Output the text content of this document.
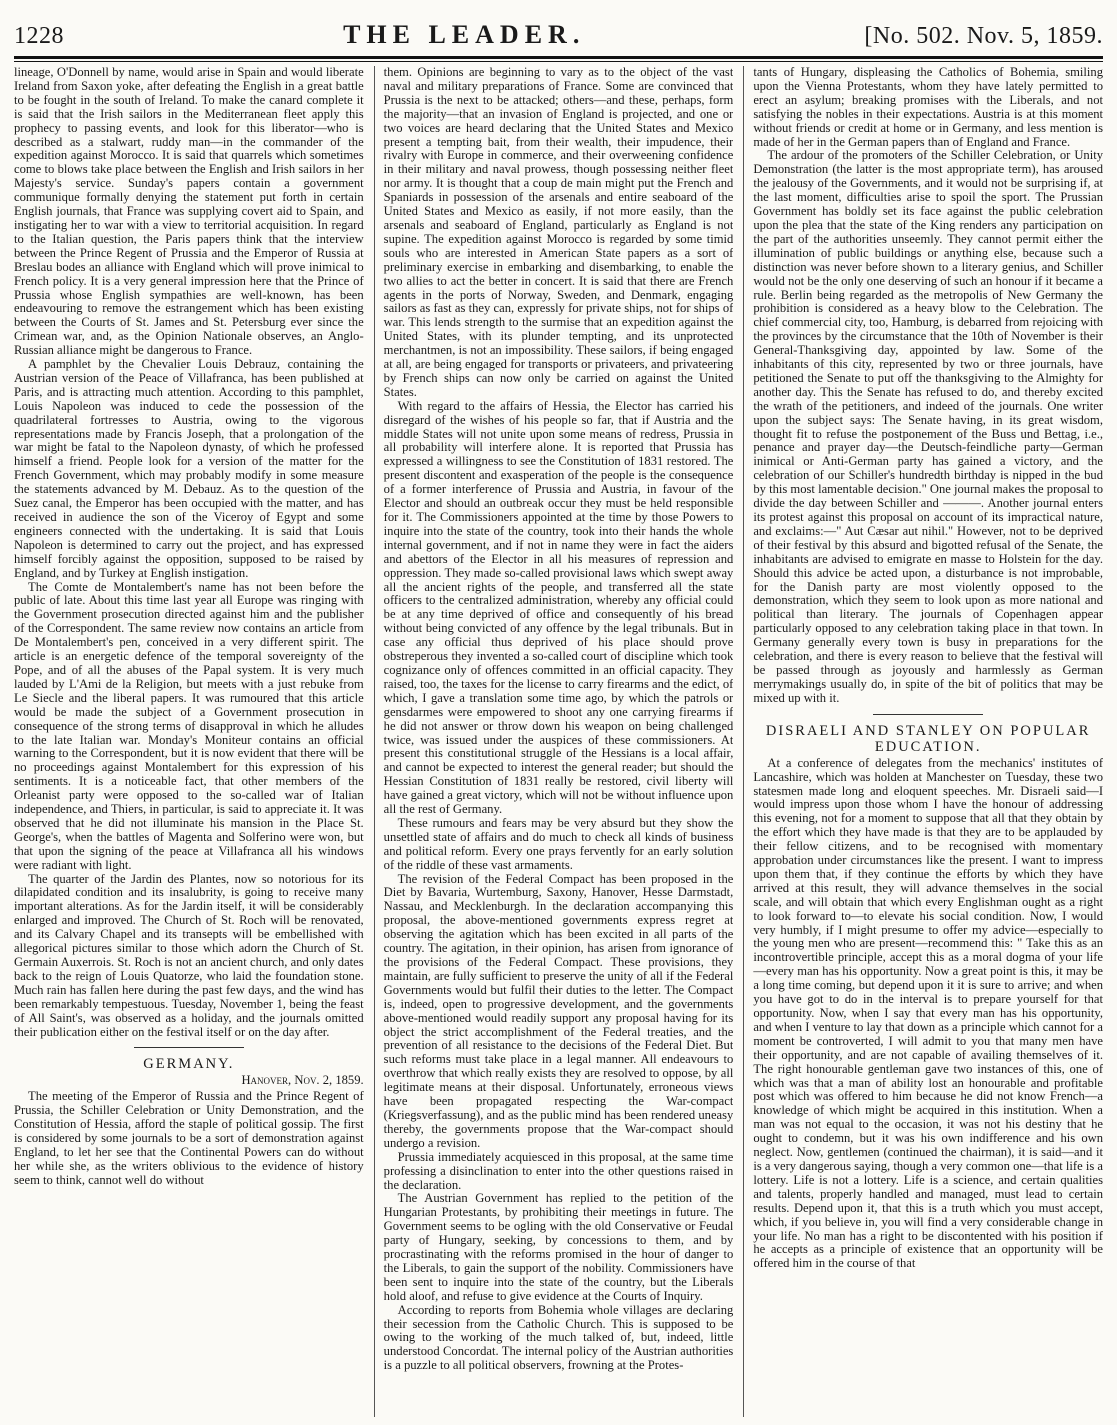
1228	THE LEADER.	[No. 502. Nov. 5, 1859.

lineage, O'Donnell by name, would arise in Spain and would liberate Ireland from Saxon yoke, after defeating the English in a great battle to be fought in the south of Ireland. To make the canard complete it is said that the Irish sailors in the Mediterranean fleet apply this prophecy to passing events, and look for this liberator—who is described as a stalwart, ruddy man—in the commander of the expedition against Morocco. It is said that quarrels which sometimes come to blows take place between the English and Irish sailors in her Majesty's service. Sunday's papers contain a government communique formally denying the statement put forth in certain English journals, that France was supplying covert aid to Spain, and instigating her to war with a view to territorial acquisition. In regard to the Italian question, the Paris papers think that the interview between the Prince Regent of Prussia and the Emperor of Russia at Breslau bodes an alliance with England which will prove inimical to French policy. It is a very general impression here that the Prince of Prussia whose English sympathies are well-known, has been endeavouring to remove the estrangement which has been existing between the Courts of St. James and St. Petersburg ever since the Crimean war, and, as the Opinion Nationale observes, an Anglo-Russian alliance might be dangerous to France.

A pamphlet by the Chevalier Louis Debrauz, containing the Austrian version of the Peace of Villafranca, has been published at Paris, and is attracting much attention. According to this pamphlet, Louis Napoleon was induced to cede the possession of the quadrilateral fortresses to Austria, owing to the vigorous representations made by Francis Joseph, that a prolongation of the war might be fatal to the Napoleon dynasty, of which he professed himself a friend. People look for a version of the matter for the French Government, which may probably modify in some measure the statements advanced by M. Debauz. As to the question of the Suez canal, the Emperor has been occupied with the matter, and has received in audience the son of the Viceroy of Egypt and some engineers connected with the undertaking. It is said that Louis Napoleon is determined to carry out the project, and has expressed himself forcibly against the opposition, supposed to be raised by England, and by Turkey at English instigation.

The Comte de Montalembert's name has not been before the public of late. About this time last year all Europe was ringing with the Government prosecution directed against him and the publisher of the Correspondent. The same review now contains an article from De Montalembert's pen, conceived in a very different spirit. The article is an energetic defence of the temporal sovereignty of the Pope, and of all the abuses of the Papal system. It is very much lauded by L'Ami de la Religion, but meets with a just rebuke from Le Siecle and the liberal papers. It was rumoured that this article would be made the subject of a Government prosecution in consequence of the strong terms of disapproval in which he alludes to the late Italian war. Monday's Moniteur contains an official warning to the Correspondent, but it is now evident that there will be no proceedings against Montalembert for this expression of his sentiments. It is a noticeable fact, that other members of the Orleanist party were opposed to the so-called war of Italian independence, and Thiers, in particular, is said to appreciate it. It was observed that he did not illuminate his mansion in the Place St. George's, when the battles of Magenta and Solferino were won, but that upon the signing of the peace at Villafranca all his windows were radiant with light.

The quarter of the Jardin des Plantes, now so notorious for its dilapidated condition and its insalubrity, is going to receive many important alterations. As for the Jardin itself, it will be considerably enlarged and improved. The Church of St. Roch will be renovated, and its Calvary Chapel and its transepts will be embellished with allegorical pictures similar to those which adorn the Church of St. Germain Auxerrois. St. Roch is not an ancient church, and only dates back to the reign of Louis Quatorze, who laid the foundation stone. Much rain has fallen here during the past few days, and the wind has been remarkably tempestuous. Tuesday, November 1, being the feast of All Saint's, was observed as a holiday, and the journals omitted their publication either on the festival itself or on the day after.

GERMANY.
Hanover, Nov. 2, 1859.

The meeting of the Emperor of Russia and the Prince Regent of Prussia, the Schiller Celebration or Unity Demonstration, and the Constitution of Hessia, afford the staple of political gossip. The first is considered by some journals to be a sort of demonstration against England, to let her see that the Continental Powers can do without her while she, as the writers oblivious to the evidence of history seem to think, cannot well do without

them. Opinions are beginning to vary as to the object of the vast naval and military preparations of France. Some are convinced that Prussia is the next to be attacked; others—and these, perhaps, form the majority—that an invasion of England is projected, and one or two voices are heard declaring that the United States and Mexico present a tempting bait, from their wealth, their impudence, their rivalry with Europe in commerce, and their overweening confidence in their military and naval prowess, though possessing neither fleet nor army. It is thought that a coup de main might put the French and Spaniards in possession of the arsenals and entire seaboard of the United States and Mexico as easily, if not more easily, than the arsenals and seaboard of England, particularly as England is not supine. The expedition against Morocco is regarded by some timid souls who are interested in American State papers as a sort of preliminary exercise in embarking and disembarking, to enable the two allies to act the better in concert. It is said that there are French agents in the ports of Norway, Sweden, and Denmark, engaging sailors as fast as they can, expressly for private ships, not for ships of war. This lends strength to the surmise that an expedition against the United States, with its plunder tempting, and its unprotected merchantmen, is not an impossibility. These sailors, if being engaged at all, are being engaged for transports or privateers, and privateering by French ships can now only be carried on against the United States.

With regard to the affairs of Hessia, the Elector has carried his disregard of the wishes of his people so far, that if Austria and the middle States will not unite upon some means of redress, Prussia in all probability will interfere alone. It is reported that Prussia has expressed a willingness to see the Constitution of 1831 restored. The present discontent and exasperation of the people is the consequence of a former interference of Prussia and Austria, in favour of the Elector and should an outbreak occur they must be held responsible for it. The Commissioners appointed at the time by those Powers to inquire into the state of the country, took into their hands the whole internal government, and if not in name they were in fact the aiders and abettors of the Elector in all his measures of repression and oppression. They made so-called provisional laws which swept away all the ancient rights of the people, and transferred all the state officers to the centralized administration, whereby any official could be at any time deprived of office and consequently of his bread without being convicted of any offence by the legal tribunals. But in case any official thus deprived of his place should prove obstreperous they invented a so-called court of discipline which took cognizance only of offences committed in an official capacity. They raised, too, the taxes for the license to carry firearms and the edict, of which, I gave a translation some time ago, by which the patrols or gensdarmes were empowered to shoot any one carrying firearms if he did not answer or throw down his weapon on being challenged twice, was issued under the auspices of these commissioners. At present this constitutional struggle of the Hessians is a local affair, and cannot be expected to interest the general reader; but should the Hessian Constitution of 1831 really be restored, civil liberty will have gained a great victory, which will not be without influence upon all the rest of Germany.

These rumours and fears may be very absurd but they show the unsettled state of affairs and do much to check all kinds of business and political reform. Every one prays fervently for an early solution of the riddle of these vast armaments.

The revision of the Federal Compact has been proposed in the Diet by Bavaria, Wurtemburg, Saxony, Hanover, Hesse Darmstadt, Nassau, and Mecklenburgh. In the declaration accompanying this proposal, the above-mentioned governments express regret at observing the agitation which has been excited in all parts of the country. The agitation, in their opinion, has arisen from ignorance of the provisions of the Federal Compact. These provisions, they maintain, are fully sufficient to preserve the unity of all if the Federal Governments would but fulfil their duties to the letter. The Compact is, indeed, open to progressive development, and the governments above-mentioned would readily support any proposal having for its object the strict accomplishment of the Federal treaties, and the prevention of all resistance to the decisions of the Federal Diet. But such reforms must take place in a legal manner. All endeavours to overthrow that which really exists they are resolved to oppose, by all legitimate means at their disposal. Unfortunately, erroneous views have been propagated respecting the War-compact (Kriegsverfassung), and as the public mind has been rendered uneasy thereby, the governments propose that the War-compact should undergo a revision.

Prussia immediately acquiesced in this proposal, at the same time professing a disinclination to enter into the other questions raised in the declaration.

The Austrian Government has replied to the petition of the Hungarian Protestants, by prohibiting their meetings in future. The Government seems to be ogling with the old Conservative or Feudal party of Hungary, seeking, by concessions to them, and by procrastinating with the reforms promised in the hour of danger to the Liberals, to gain the support of the nobility. Commissioners have been sent to inquire into the state of the country, but the Liberals hold aloof, and refuse to give evidence at the Courts of Inquiry.

According to reports from Bohemia whole villages are declaring their secession from the Catholic Church. This is supposed to be owing to the working of the much talked of, but, indeed, little understood Concordat. The internal policy of the Austrian authorities is a puzzle to all political observers, frowning at the Protes-

tants of Hungary, displeasing the Catholics of Bohemia, smiling upon the Vienna Protestants, whom they have lately permitted to erect an asylum; breaking promises with the Liberals, and not satisfying the nobles in their expectations. Austria is at this moment without friends or credit at home or in Germany, and less mention is made of her in the German papers than of England and France.

The ardour of the promoters of the Schiller Celebration, or Unity Demonstration (the latter is the most appropriate term), has aroused the jealousy of the Governments, and it would not be surprising if, at the last moment, difficulties arise to spoil the sport. The Prussian Government has boldly set its face against the public celebration upon the plea that the state of the King renders any participation on the part of the authorities unseemly. They cannot permit either the illumination of public buildings or anything else, because such a distinction was never before shown to a literary genius, and Schiller would not be the only one deserving of such an honour if it became a rule. Berlin being regarded as the metropolis of New Germany the prohibition is considered as a heavy blow to the Celebration. The chief commercial city, too, Hamburg, is debarred from rejoicing with the provinces by the circumstance that the 10th of November is their General-Thanksgiving day, appointed by law. Some of the inhabitants of this city, represented by two or three journals, have petitioned the Senate to put off the thanksgiving to the Almighty for another day. This the Senate has refused to do, and thereby excited the wrath of the petitioners, and indeed of the journals. One writer upon the subject says: The Senate having, in its great wisdom, thought fit to refuse the postponement of the Buss und Bettag, i.e., penance and prayer day—the Deutsch-feindliche party—German inimical or Anti-German party has gained a victory, and the celebration of our Schiller's hundredth birthday is nipped in the bud by this most lamentable decision." One journal makes the proposal to divide the day between Schiller and ———. Another journal enters its protest against this proposal on account of its impractical nature, and exclaims:—" Aut Cæsar aut nihil." However, not to be deprived of their festival by this absurd and bigotted refusal of the Senate, the inhabitants are advised to emigrate en masse to Holstein for the day. Should this advice be acted upon, a disturbance is not improbable, for the Danish party are most violently opposed to the demonstration, which they seem to look upon as more national and political than literary. The journals of Copenhagen appear particularly opposed to any celebration taking place in that town. In Germany generally every town is busy in preparations for the celebration, and there is every reason to believe that the festival will be passed through as joyously and harmlessly as German merrymakings usually do, in spite of the bit of politics that may be mixed up with it.

DISRAELI AND STANLEY ON POPULAR EDUCATION.

At a conference of delegates from the mechanics' institutes of Lancashire, which was holden at Manchester on Tuesday, these two statesmen made long and eloquent speeches. Mr. Disraeli said—I would impress upon those whom I have the honour of addressing this evening, not for a moment to suppose that all that they obtain by the effort which they have made is that they are to be applauded by their fellow citizens, and to be recognised with momentary approbation under circumstances like the present. I want to impress upon them that, if they continue the efforts by which they have arrived at this result, they will advance themselves in the social scale, and will obtain that which every Englishman ought as a right to look forward to—to elevate his social condition. Now, I would very humbly, if I might presume to offer my advice—especially to the young men who are present—recommend this: " Take this as an incontrovertible principle, accept this as a moral dogma of your life—every man has his opportunity. Now a great point is this, it may be a long time coming, but depend upon it it is sure to arrive; and when you have got to do in the interval is to prepare yourself for that opportunity. Now, when I say that every man has his opportunity, and when I venture to lay that down as a principle which cannot for a moment be controverted, I will admit to you that many men have their opportunity, and are not capable of availing themselves of it. The right honourable gentleman gave two instances of this, one of which was that a man of ability lost an honourable and profitable post which was offered to him because he did not know French—a knowledge of which might be acquired in this institution. When a man was not equal to the occasion, it was not his destiny that he ought to condemn, but it was his own indifference and his own neglect. Now, gentlemen (continued the chairman), it is said—and it is a very dangerous saying, though a very common one—that life is a lottery. Life is not a lottery. Life is a science, and certain qualities and talents, properly handled and managed, must lead to certain results. Depend upon it, that this is a truth which you must accept, which, if you believe in, you will find a very considerable change in your life. No man has a right to be discontented with his position if he accepts as a principle of existence that an opportunity will be offered him in the course of that
